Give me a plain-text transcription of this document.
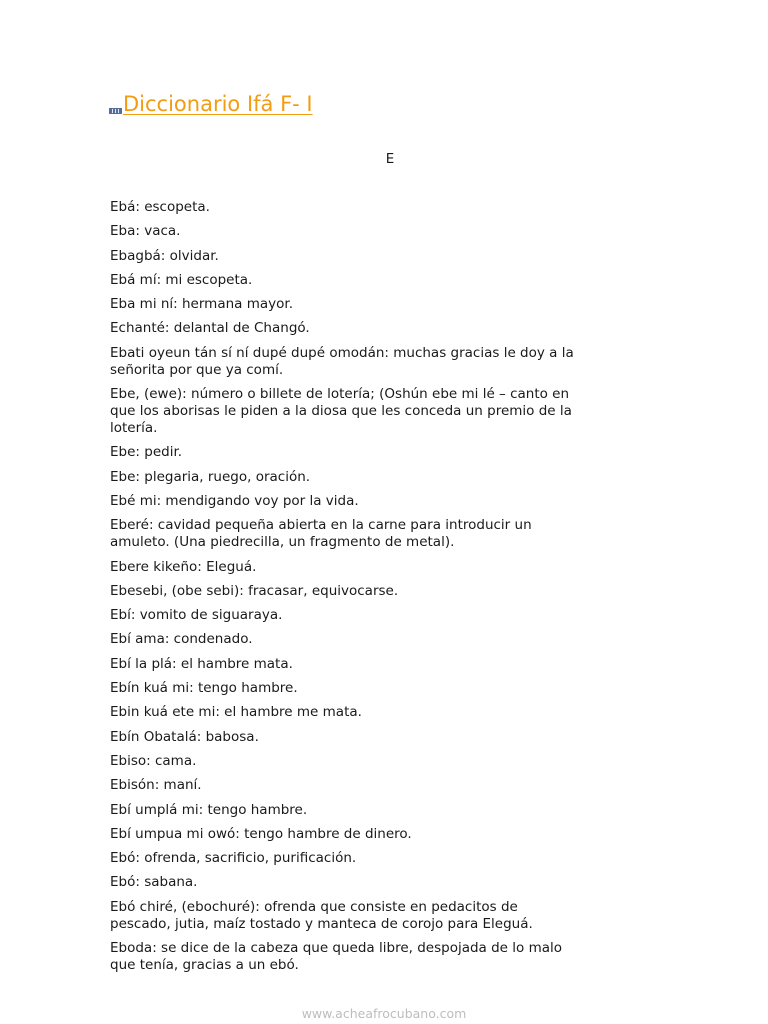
Diccionario Ifá F- I
E
Ebá: escopeta.
Eba: vaca.
Ebagbá: olvidar.
Ebá mí: mi escopeta.
Eba mi ní: hermana mayor.
Echanté: delantal de Changó.
Ebati oyeun tán sí ní dupé dupé omodán: muchas gracias le doy a la señorita por que ya comí.
Ebe, (ewe): número o billete de lotería; (Oshún ebe mi lé – canto en que los aborisas le piden a la diosa que les conceda un premio de la lotería.
Ebe: pedir.
Ebe: plegaria, ruego, oración.
Ebé mi: mendigando voy por la vida.
Eberé: cavidad pequeña abierta en la carne para introducir un amuleto. (Una piedrecilla, un fragmento de metal).
Ebere kikeño: Eleguá.
Ebesebi, (obe sebi): fracasar, equivocarse.
Ebí: vomito de siguaraya.
Ebí ama: condenado.
Ebí la plá: el hambre mata.
Ebín kuá mi: tengo hambre.
Ebin kuá ete mi: el hambre me mata.
Ebín Obatalá: babosa.
Ebiso: cama.
Ebisón: maní.
Ebí umplá mi: tengo hambre.
Ebí umpua mi owó: tengo hambre de dinero.
Ebó: ofrenda, sacrificio, purificación.
Ebó: sabana.
Ebó chiré, (ebochuré): ofrenda que consiste en pedacitos de pescado, jutia, maíz tostado y manteca de corojo para Eleguá.
Eboda: se dice de la cabeza que queda libre, despojada de lo malo que tenía, gracias a un ebó.
www.acheafrocubano.com
